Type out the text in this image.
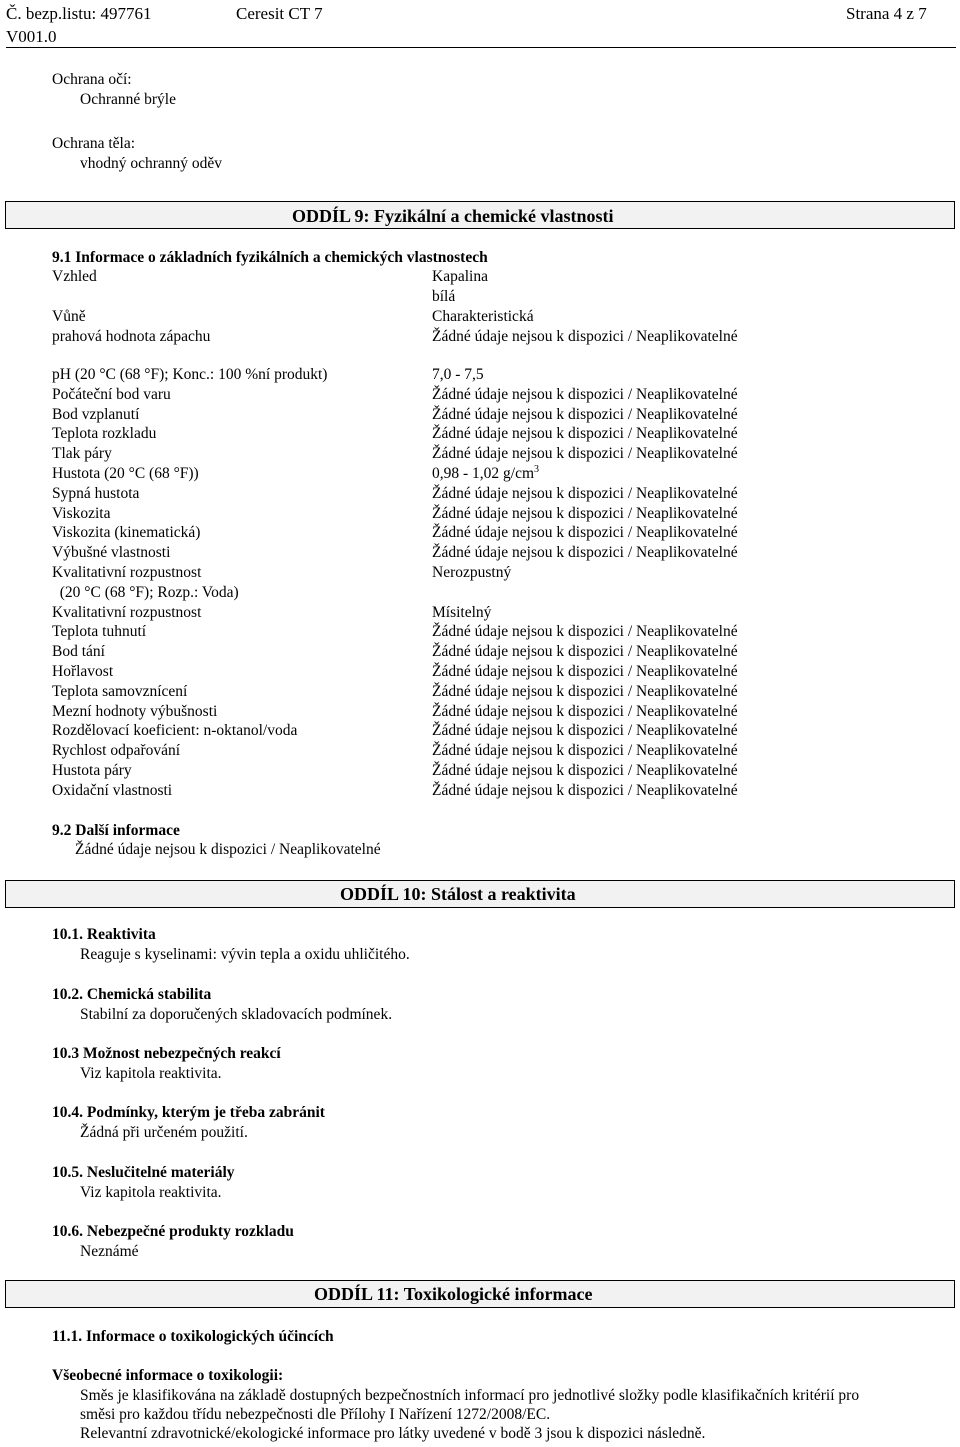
Č. bezp.listu: 497761	Ceresit CT 7	Strana 4 z 7
V001.0
Ochrana očí:
Ochranné brýle
Ochrana těla:
vhodný ochranný oděv
ODDÍL 9: Fyzikální a chemické vlastnosti
9.1 Informace o základních fyzikálních a chemických vlastnostech
Vzhled	Kapalina
bílá
Vůně	Charakteristická
prahová hodnota zápachu	Žádné údaje nejsou k dispozici / Neaplikovatelné
pH (20 °C (68 °F); Konc.: 100 %ní produkt)	7,0 - 7,5
Počáteční bod varu	Žádné údaje nejsou k dispozici / Neaplikovatelné
Bod vzplanutí	Žádné údaje nejsou k dispozici / Neaplikovatelné
Teplota rozkladu	Žádné údaje nejsou k dispozici / Neaplikovatelné
Tlak páry	Žádné údaje nejsou k dispozici / Neaplikovatelné
Hustota (20 °C (68 °F))	0,98 - 1,02 $g/cm^3$
Sypná hustota	Žádné údaje nejsou k dispozici / Neaplikovatelné
Viskozita	Žádné údaje nejsou k dispozici / Neaplikovatelné
Viskozita (kinematická)	Žádné údaje nejsou k dispozici / Neaplikovatelné
Výbušné vlastnosti	Žádné údaje nejsou k dispozici / Neaplikovatelné
Kvalitativní rozpustnost	Nerozpustný
(20 °C (68 °F); Rozp.: Voda)
Kvalitativní rozpustnost	Mísitelný
Teplota tuhnutí	Žádné údaje nejsou k dispozici / Neaplikovatelné
Bod tání	Žádné údaje nejsou k dispozici / Neaplikovatelné
Hořlavost	Žádné údaje nejsou k dispozici / Neaplikovatelné
Teplota samovznícení	Žádné údaje nejsou k dispozici / Neaplikovatelné
Mezní hodnoty výbušnosti	Žádné údaje nejsou k dispozici / Neaplikovatelné
Rozdělovací koeficient: n-oktanol/voda	Žádné údaje nejsou k dispozici / Neaplikovatelné
Rychlost odpařování	Žádné údaje nejsou k dispozici / Neaplikovatelné
Hustota páry	Žádné údaje nejsou k dispozici / Neaplikovatelné
Oxidační vlastnosti	Žádné údaje nejsou k dispozici / Neaplikovatelné
9.2 Další informace
Žádné údaje nejsou k dispozici / Neaplikovatelné
ODDÍL 10: Stálost a reaktivita
10.1. Reaktivita
Reaguje s kyselinami: vývin tepla a oxidu uhličitého.
10.2. Chemická stabilita
Stabilní za doporučených skladovacích podmínek.
10.3 Možnost nebezpečných reakcí
Viz kapitola reaktivita.
10.4. Podmínky, kterým je třeba zabránit
Žádná při určeném použití.
10.5. Neslučitelné materiály
Viz kapitola reaktivita.
10.6. Nebezpečné produkty rozkladu
Neznámé
ODDÍL 11: Toxikologické informace
11.1. Informace o toxikologických účincích
Všeobecné informace o toxikologii:
Směs je klasifikována na základě dostupných bezpečnostních informací pro jednotlivé složky podle klasifikačních kritérií pro
směsi pro každou třídu nebezpečnosti dle Přílohy I Nařízení 1272/2008/EC.
Relevantní zdravotnické/ekologické informace pro látky uvedené v bodě 3 jsou k dispozici následně.
